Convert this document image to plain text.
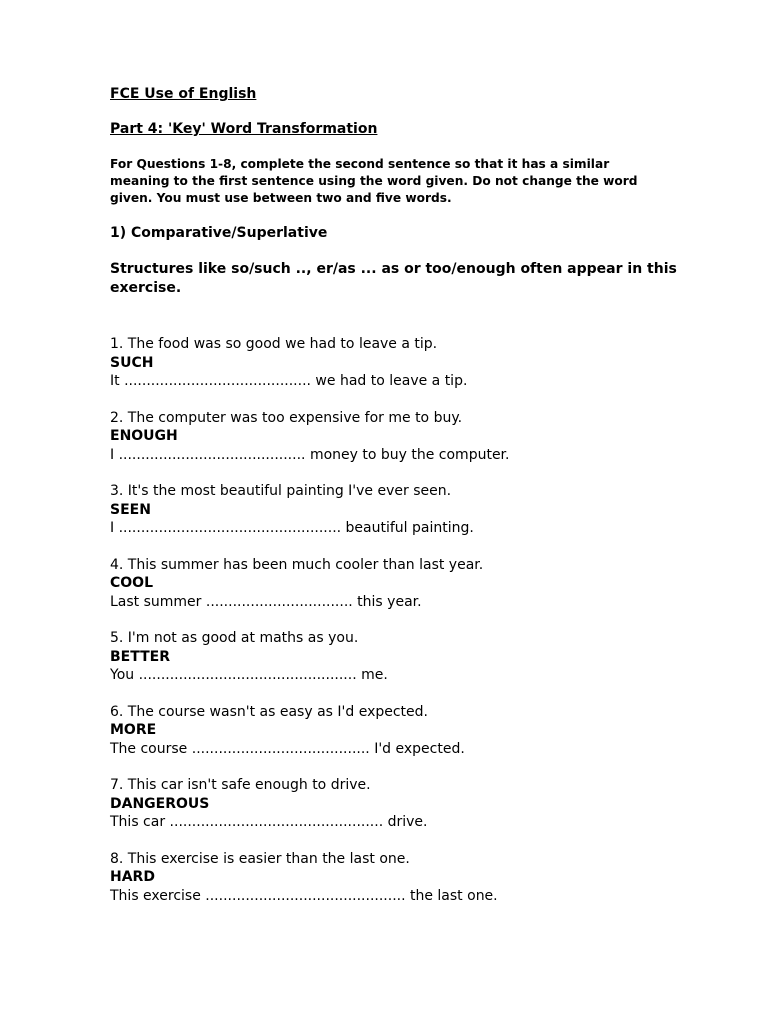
FCE Use of English
Part 4: 'Key' Word Transformation
For Questions 1-8, complete the second sentence so that it has a similar meaning to the first sentence using the word given. Do not change the word given. You must use between two and five words.
1) Comparative/Superlative
Structures like so/such .., er/as ... as or too/enough often appear in this exercise.
1. The food was so good we had to leave a tip.
SUCH
It .......................................... we had to leave a tip.
2. The computer was too expensive for me to buy.
ENOUGH
I .......................................... money to buy the computer.
3. It's the most beautiful painting I've ever seen.
SEEN
I .................................................. beautiful painting.
4. This summer has been much cooler than last year.
COOL
Last summer ................................. this year.
5. I'm not as good at maths as you.
BETTER
You ................................................. me.
6. The course wasn't as easy as I'd expected.
MORE
The course ........................................ I'd expected.
7. This car isn't safe enough to drive.
DANGEROUS
This car ................................................ drive.
8. This exercise is easier than the last one.
HARD
This exercise ............................................. the last one.
